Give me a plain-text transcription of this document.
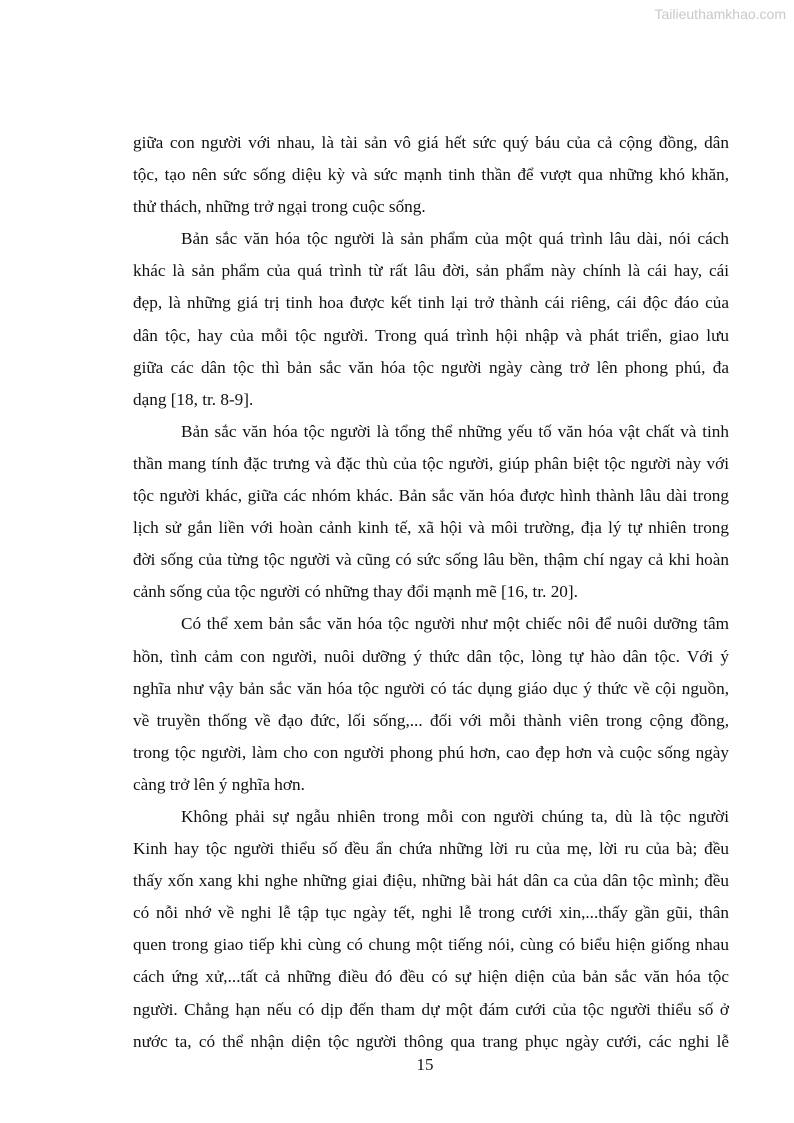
Tailieuthamkhao.com
giữa con người với nhau, là tài sản vô giá hết sức quý báu của cả cộng đồng, dân
tộc, tạo nên sức sống diệu kỳ và sức mạnh tinh thần để vượt qua những khó khăn,
thử thách, những trở ngại trong cuộc sống.
Bản sắc văn hóa tộc người là sản phẩm của một quá trình lâu dài, nói cách
khác là sản phẩm của quá trình từ rất lâu đời, sản phẩm này chính là cái hay, cái
đẹp, là những giá trị tinh hoa được kết tinh lại trở thành cái riêng, cái độc đáo của
dân tộc, hay của mỗi tộc người. Trong quá trình hội nhập và phát triển, giao lưu
giữa các dân tộc thì bản sắc văn hóa tộc người ngày càng trở lên phong phú, đa
dạng [18, tr. 8-9].
Bản sắc văn hóa tộc người là tổng thể những yếu tố văn hóa vật chất và tinh
thần mang tính đặc trưng và đặc thù của tộc người, giúp phân biệt tộc người này với
tộc người khác, giữa các nhóm khác. Bản sắc văn hóa được hình thành lâu dài trong
lịch sử gắn liền với hoàn cảnh kinh tế, xã hội và môi trường, địa lý tự nhiên trong
đời sống của từng tộc người và cũng có sức sống lâu bền, thậm chí ngay cả khi hoàn
cảnh sống của tộc người có những thay đổi mạnh mẽ [16, tr. 20].
Có thể xem bản sắc văn hóa tộc người như một chiếc nôi để nuôi dưỡng tâm
hồn, tình cảm con người, nuôi dưỡng ý thức dân tộc, lòng tự hào dân tộc. Với ý
nghĩa như vậy bản sắc văn hóa tộc người có tác dụng giáo dục ý thức về cội nguồn,
về truyền thống về đạo đức, lối sống,... đối với mỗi thành viên trong cộng đồng,
trong tộc người, làm cho con người phong phú hơn, cao đẹp hơn và cuộc sống ngày
càng trở lên ý nghĩa hơn.
Không phải sự ngẫu nhiên trong mỗi con người chúng ta, dù là tộc người
Kinh hay tộc người thiểu số đều ẩn chứa những lời ru của mẹ, lời ru của bà; đều
thấy xốn xang khi nghe những giai điệu, những bài hát dân ca của dân tộc mình; đều
có nỗi nhớ về nghi lễ tập tục ngày tết, nghi lễ trong cưới xin,...thấy gần gũi, thân
quen trong giao tiếp khi cùng có chung một tiếng nói, cùng có biểu hiện giống nhau
cách ứng xử,...tất cả những điều đó đều có sự hiện diện của bản sắc văn hóa tộc
người. Chẳng hạn nếu có dịp đến tham dự một đám cưới của tộc người thiểu số ở
nước ta, có thể nhận diện tộc người thông qua trang phục ngày cưới, các nghi lễ
15
